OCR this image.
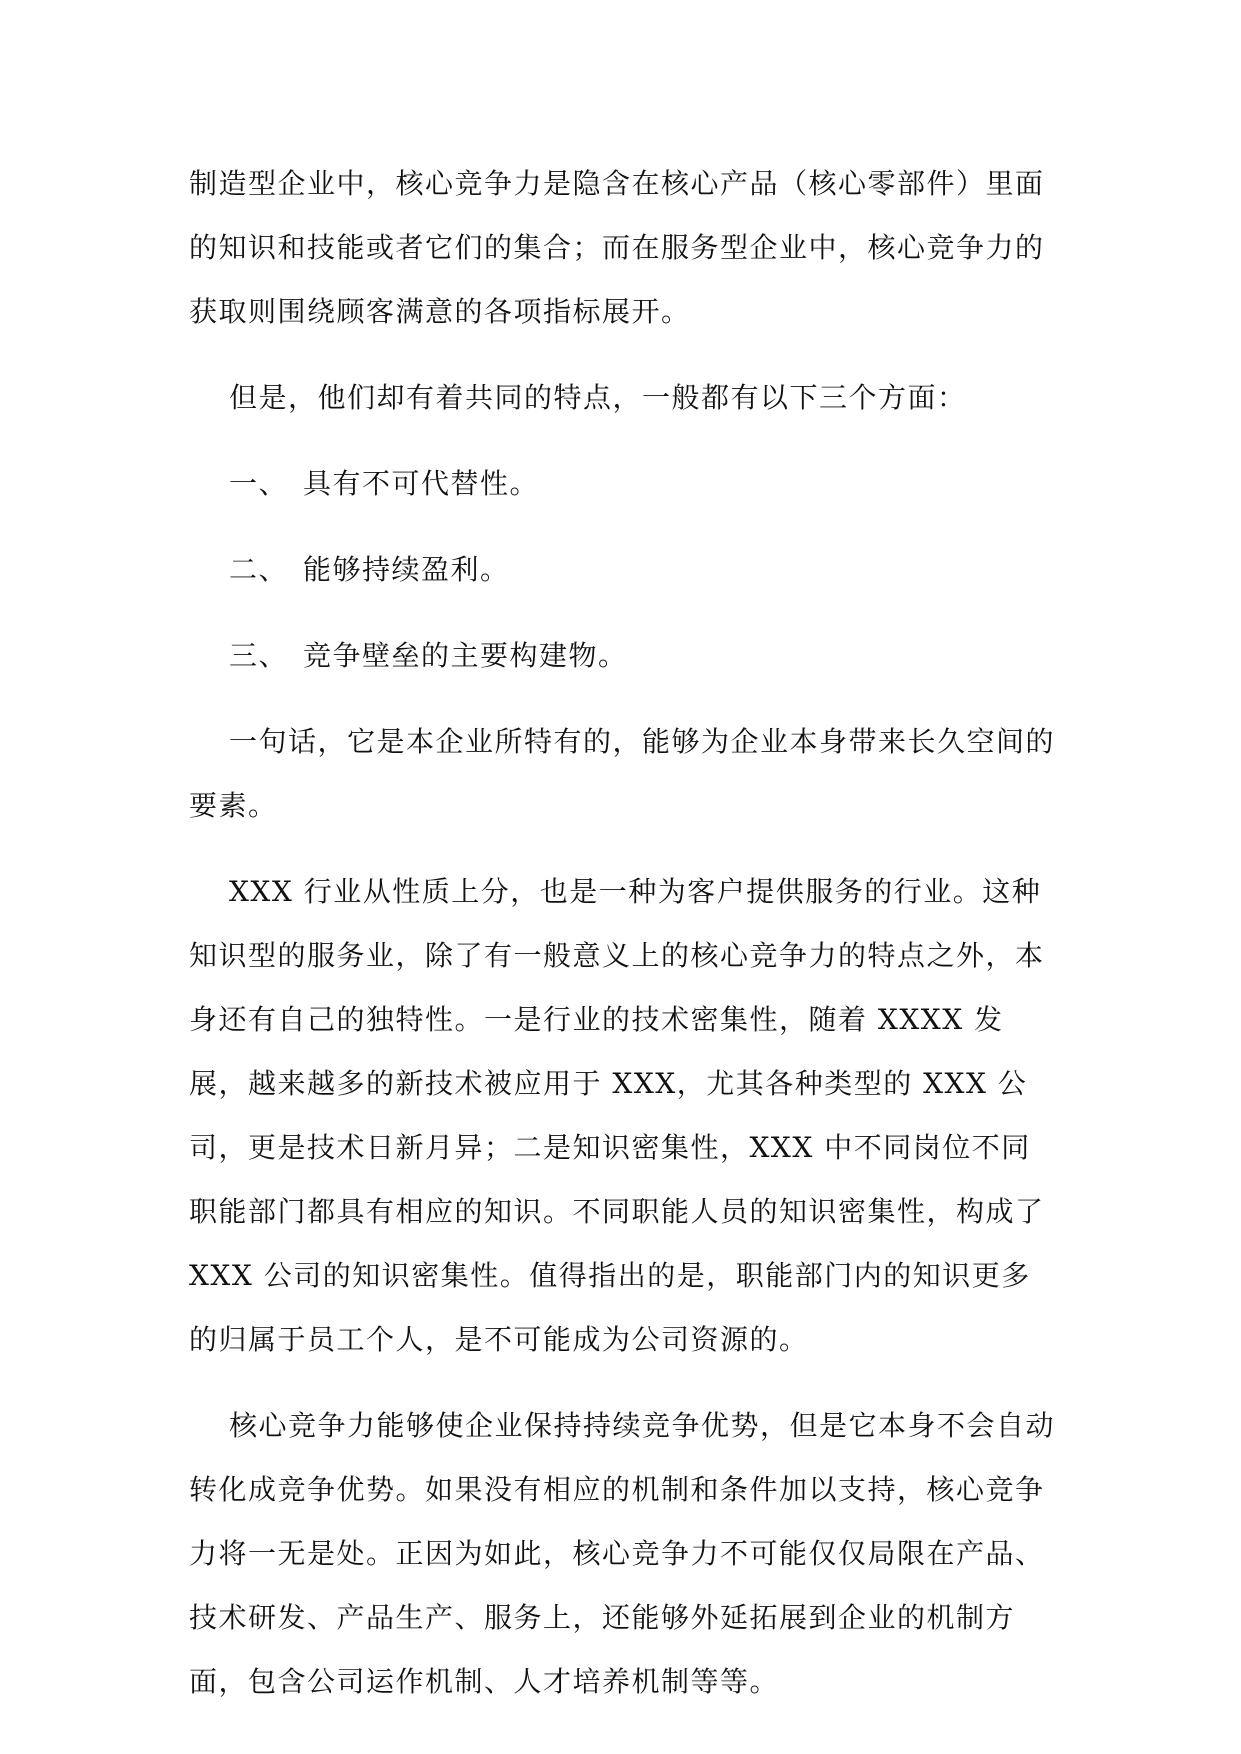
制造型企业中，核心竞争力是隐含在核心产品（核心零部件）里面的知识和技能或者它们的集合；而在服务型企业中，核心竞争力的获取则围绕顾客满意的各项指标展开。

但是，他们却有着共同的特点，一般都有以下三个方面：

一、 具有不可代替性。
二、 能够持续盈利。
三、 竞争壁垒的主要构建物。

一句话，它是本企业所特有的，能够为企业本身带来长久空间的要素。

XXX 行业从性质上分，也是一种为客户提供服务的行业。这种知识型的服务业，除了有一般意义上的核心竞争力的特点之外，本身还有自己的独特性。一是行业的技术密集性，随着 XXXX 发展，越来越多的新技术被应用于 XXX，尤其各种类型的 XXX 公司，更是技术日新月异；二是知识密集性，XXX 中不同岗位不同职能部门都具有相应的知识。不同职能人员的知识密集性，构成了 XXX 公司的知识密集性。值得指出的是，职能部门内的知识更多的归属于员工个人，是不可能成为公司资源的。

核心竞争力能够使企业保持持续竞争优势，但是它本身不会自动转化成竞争优势。如果没有相应的机制和条件加以支持，核心竞争力将一无是处。正因为如此，核心竞争力不可能仅仅局限在产品、技术研发、产品生产、服务上，还能够外延拓展到企业的机制方面，包含公司运作机制、人才培养机制等等。
